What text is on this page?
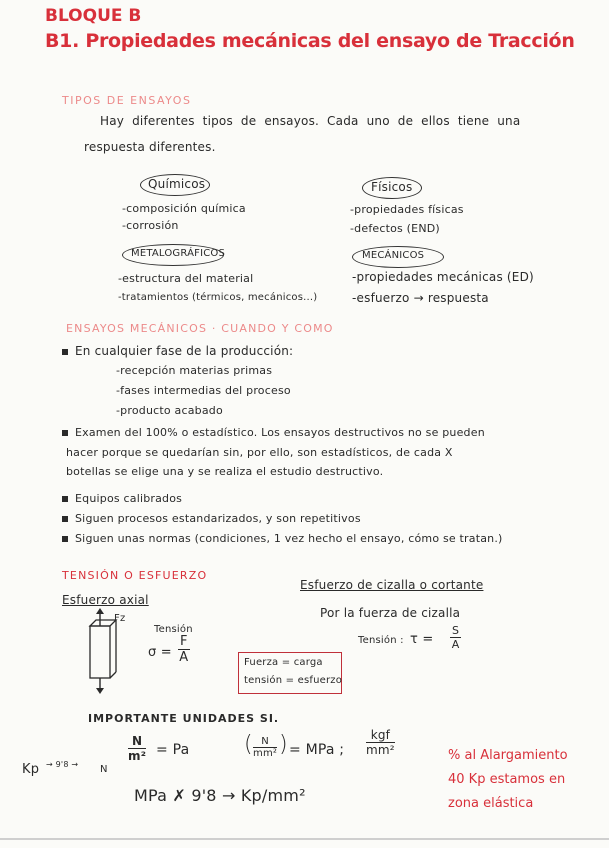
BLOQUE B
B1. Propiedades mecánicas del ensayo de Tracción
TIPOS DE ENSAYOS
Hay diferentes tipos de ensayos. Cada uno de ellos tiene una
respuesta diferentes.
Químicos
-composición química
-corrosión
Físicos
-propiedades físicas
-defectos (END)
METALOGRÁFICOS
-estructura del material
-tratamientos (térmicos, mecánicos...)
MECÁNICOS
-propiedades mecánicas (ED)
-esfuerzo → respuesta
ENSAYOS MECÁNICOS · CUANDO Y COMO
En cualquier fase de la producción:
-recepción materias primas
-fases intermedias del proceso
-producto acabado
Examen del 100% o estadístico. Los ensayos destructivos no se pueden
hacer porque se quedarían sin, por ello, son estadísticos, de cada X
botellas se elige una y se realiza el estudio destructivo.
Equipos calibrados
Siguen procesos estandarizados, y son repetitivos
Siguen unas normas (condiciones, 1 vez hecho el ensayo, cómo se tratan.)
TENSIÓN O ESFUERZO
Esfuerzo axial
Fz
Tensión
$\sigma = \frac{F}{A}$	Fuerza = carga
tensión = esfuerzo
Esfuerzo de cizalla o cortante
Por la fuerza de cizalla
Tensión : $\tau = \frac{S}{A}$
IMPORTANTE UNIDADES SI.
$\frac{N}{\text{m²}} = Pa$ ( $\frac{N}{\text{mm²}}$ ) = MPa ;
kgf
mm²
Kp → 9'8 → N
MPa ✗ 9'8 → Kp/mm²
% al Alargamiento
40 Kp estamos en
zona elástica
